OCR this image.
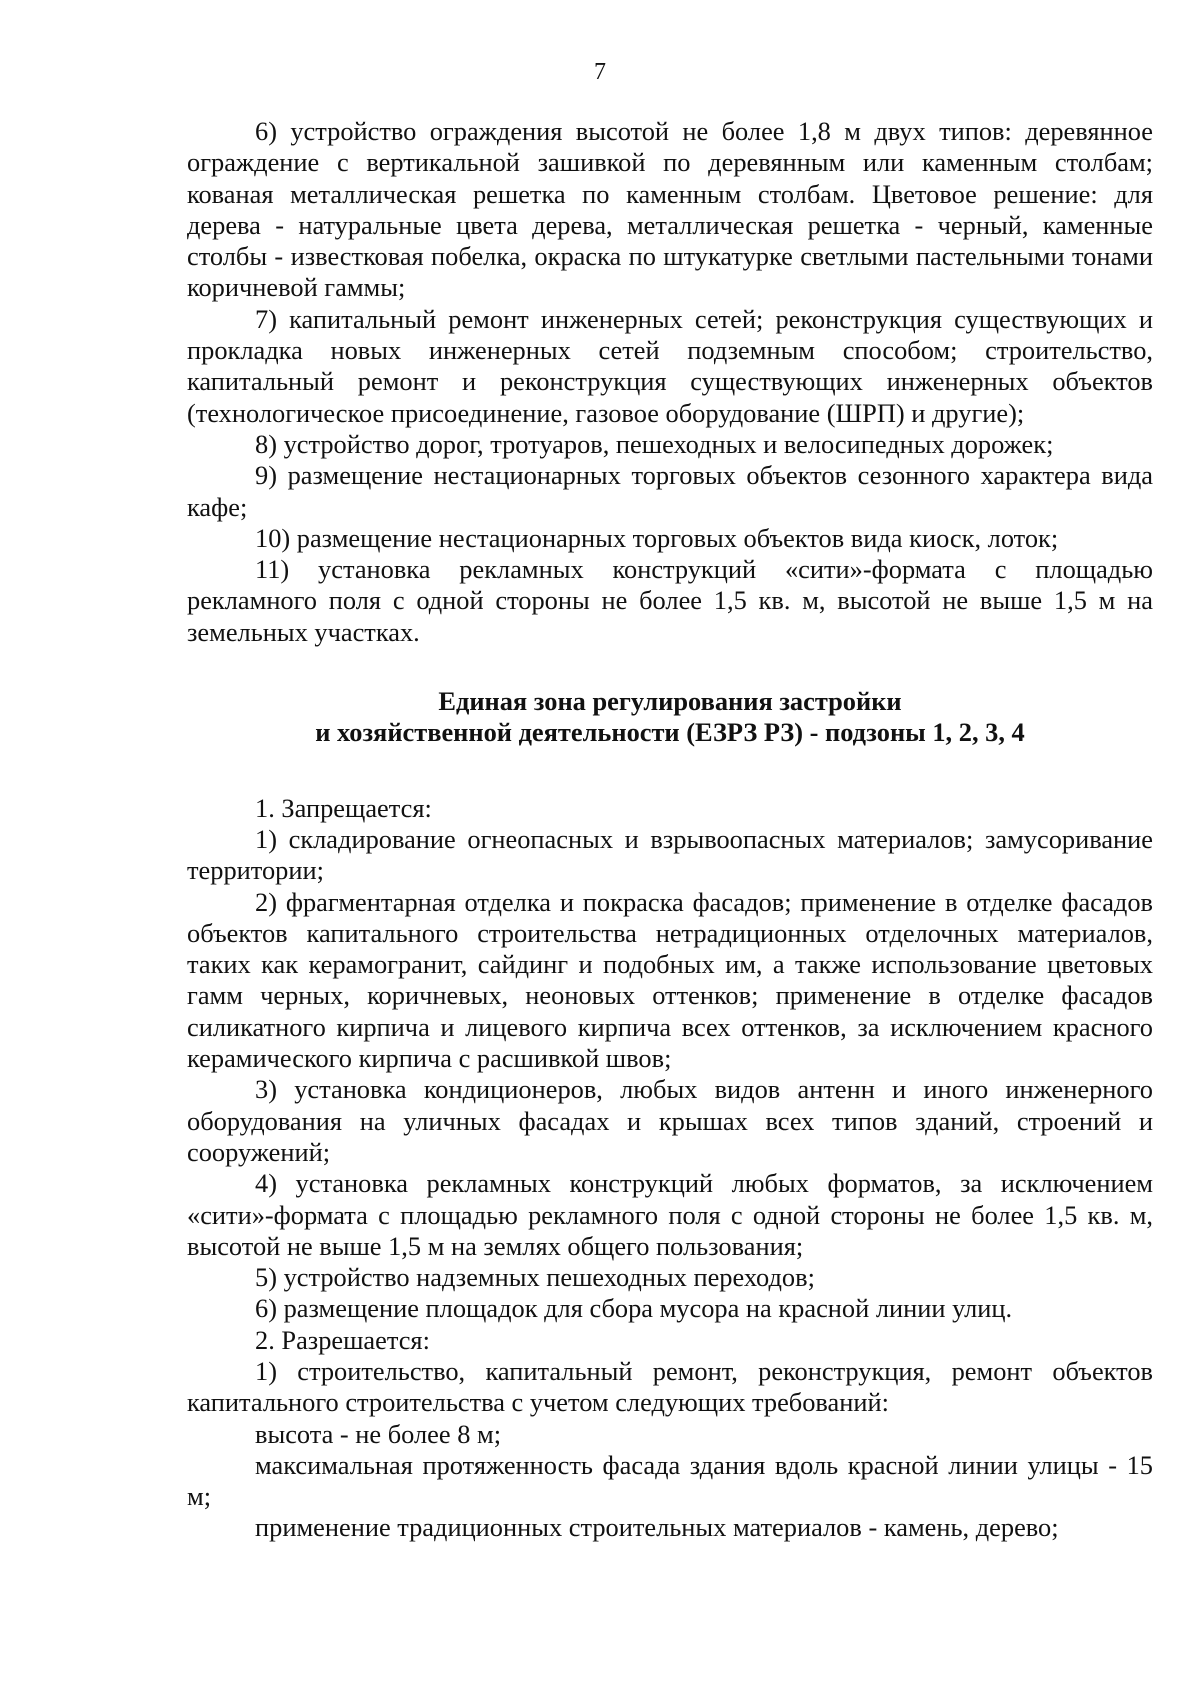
7

6) устройство ограждения высотой не более 1,8 м двух типов: деревянное ограждение с вертикальной зашивкой по деревянным или каменным столбам; кованая металлическая решетка по каменным столбам. Цветовое решение: для дерева - натуральные цвета дерева, металлическая решетка - черный, каменные столбы - известковая побелка, окраска по штукатурке светлыми пастельными тонами коричневой гаммы;

7) капитальный ремонт инженерных сетей; реконструкция существующих и прокладка новых инженерных сетей подземным способом; строительство, капитальный ремонт и реконструкция существующих инженерных объектов (технологическое присоединение, газовое оборудование (ШРП) и другие);

8) устройство дорог, тротуаров, пешеходных и велосипедных дорожек;

9) размещение нестационарных торговых объектов сезонного характера вида кафе;

10) размещение нестационарных торговых объектов вида киоск, лоток;

11) установка рекламных конструкций «сити»-формата с площадью рекламного поля с одной стороны не более 1,5 кв. м, высотой не выше 1,5 м на земельных участках.

Единая зона регулирования застройки
и хозяйственной деятельности (ЕЗРЗ РЗ) - подзоны 1, 2, 3, 4

1. Запрещается:

1) складирование огнеопасных и взрывоопасных материалов; замусоривание территории;

2) фрагментарная отделка и покраска фасадов; применение в отделке фасадов объектов капитального строительства нетрадиционных отделочных материалов, таких как керамогранит, сайдинг и подобных им, а также использование цветовых гамм черных, коричневых, неоновых оттенков; применение в отделке фасадов силикатного кирпича и лицевого кирпича всех оттенков, за исключением красного керамического кирпича с расшивкой швов;

3) установка кондиционеров, любых видов антенн и иного инженерного оборудования на уличных фасадах и крышах всех типов зданий, строений и сооружений;

4) установка рекламных конструкций любых форматов, за исключением «сити»-формата с площадью рекламного поля с одной стороны не более 1,5 кв. м, высотой не выше 1,5 м на землях общего пользования;

5) устройство надземных пешеходных переходов;

6) размещение площадок для сбора мусора на красной линии улиц.

2. Разрешается:

1) строительство, капитальный ремонт, реконструкция, ремонт объектов капитального строительства с учетом следующих требований:

высота - не более 8 м;

максимальная протяженность фасада здания вдоль красной линии улицы - 15 м;

применение традиционных строительных материалов - камень, дерево;
